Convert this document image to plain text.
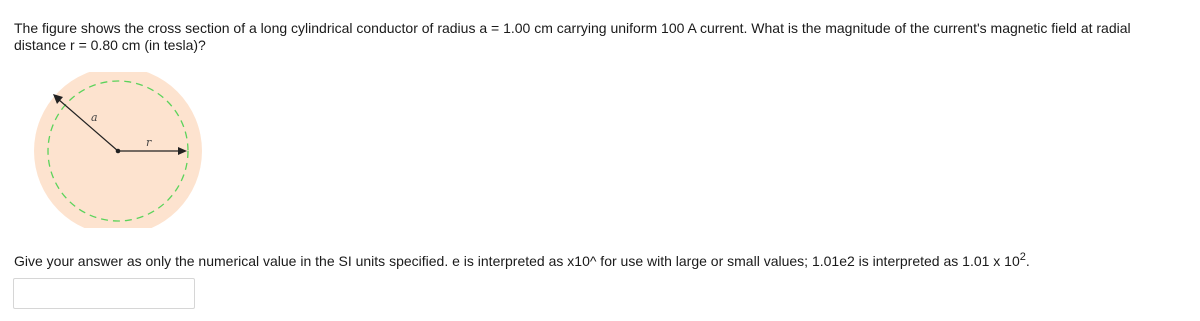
The figure shows the cross section of a long cylindrical conductor of radius a = 1.00 cm carrying uniform 100 A current. What is the magnitude of the current's magnetic field at radial distance r = 0.80 cm (in tesla)?

a
r
Give your answer as only the numerical value in the SI units specified. e is interpreted as x10^ for use with large or small values; 1.01e2 is interpreted as 1.01 x $10^2$.
